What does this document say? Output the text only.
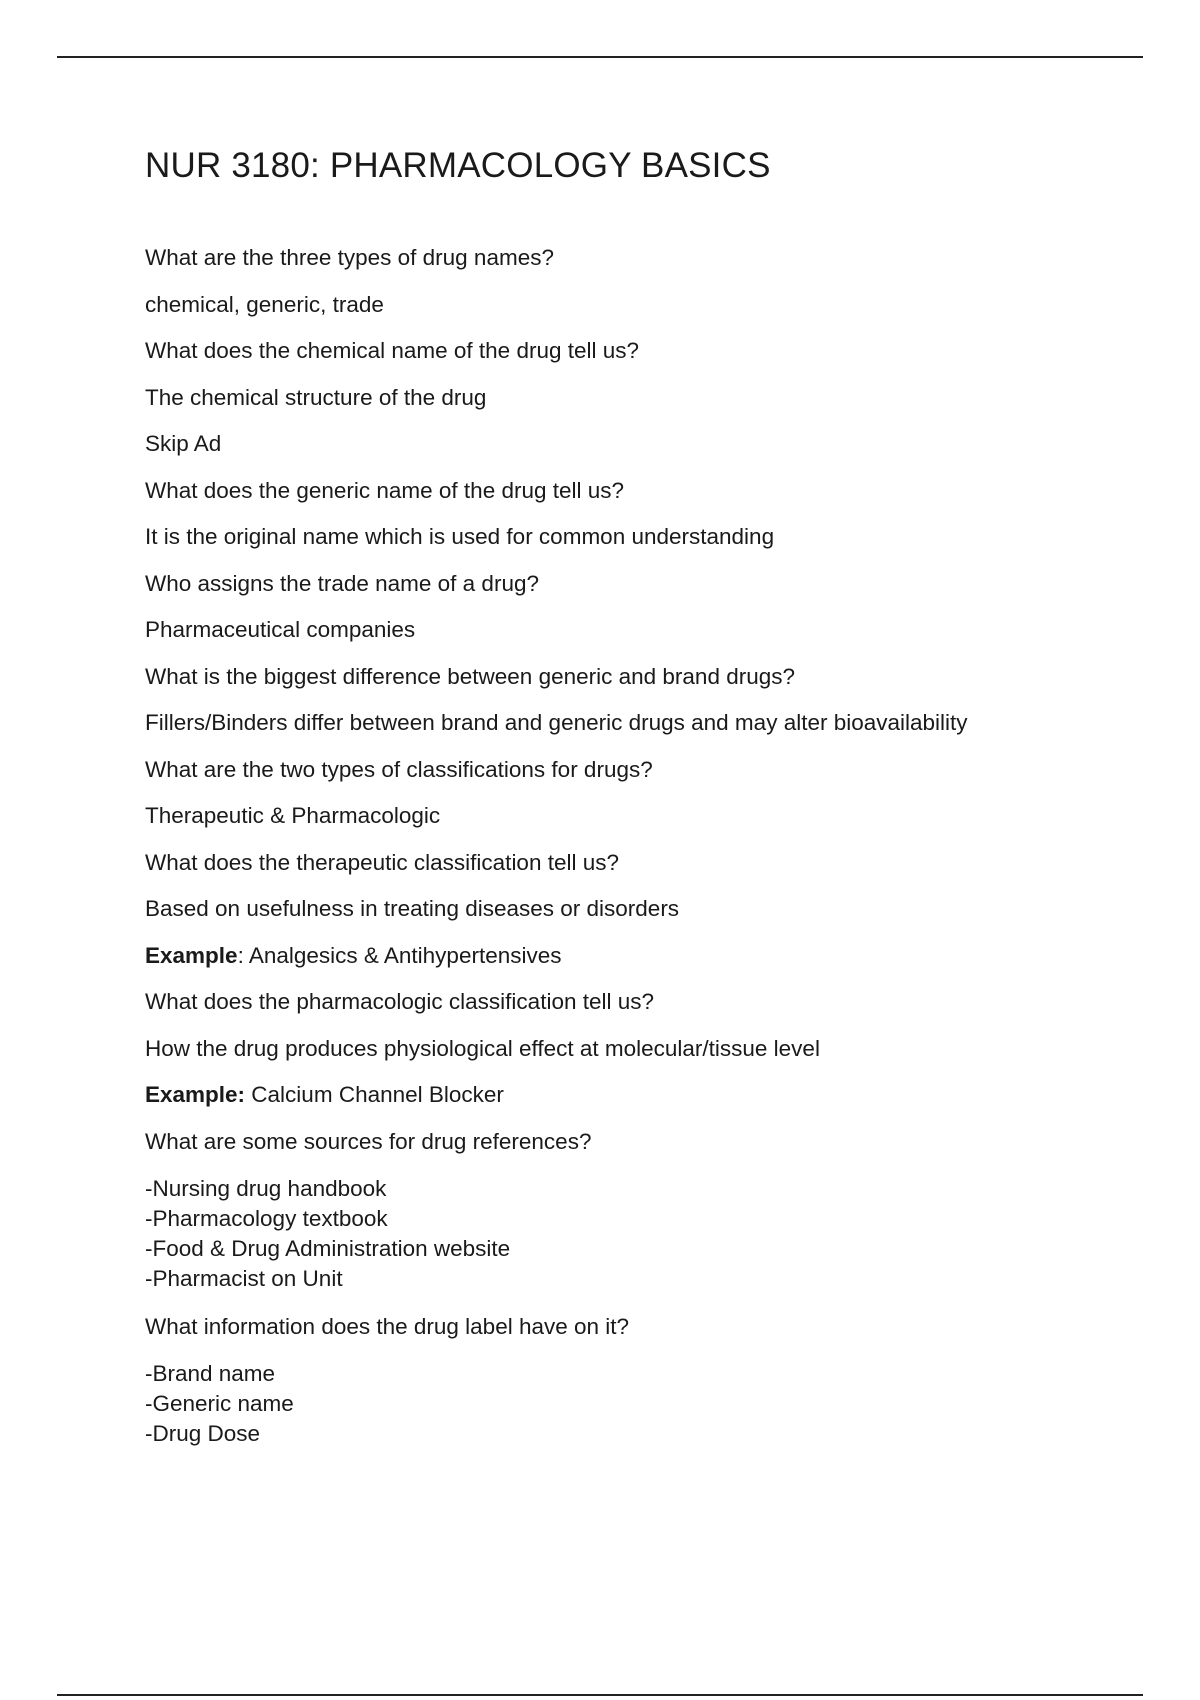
NUR 3180: PHARMACOLOGY BASICS

What are the three types of drug names?

chemical, generic, trade

What does the chemical name of the drug tell us?

The chemical structure of the drug

Skip Ad

What does the generic name of the drug tell us?

It is the original name which is used for common understanding

Who assigns the trade name of a drug?

Pharmaceutical companies

What is the biggest difference between generic and brand drugs?

Fillers/Binders differ between brand and generic drugs and may alter bioavailability

What are the two types of classifications for drugs?

Therapeutic & Pharmacologic

What does the therapeutic classification tell us?

Based on usefulness in treating diseases or disorders

Example: Analgesics & Antihypertensives

What does the pharmacologic classification tell us?

How the drug produces physiological effect at molecular/tissue level

Example: Calcium Channel Blocker

What are some sources for drug references?

-Nursing drug handbook
-Pharmacology textbook
-Food & Drug Administration website
-Pharmacist on Unit

What information does the drug label have on it?

-Brand name
-Generic name
-Drug Dose
